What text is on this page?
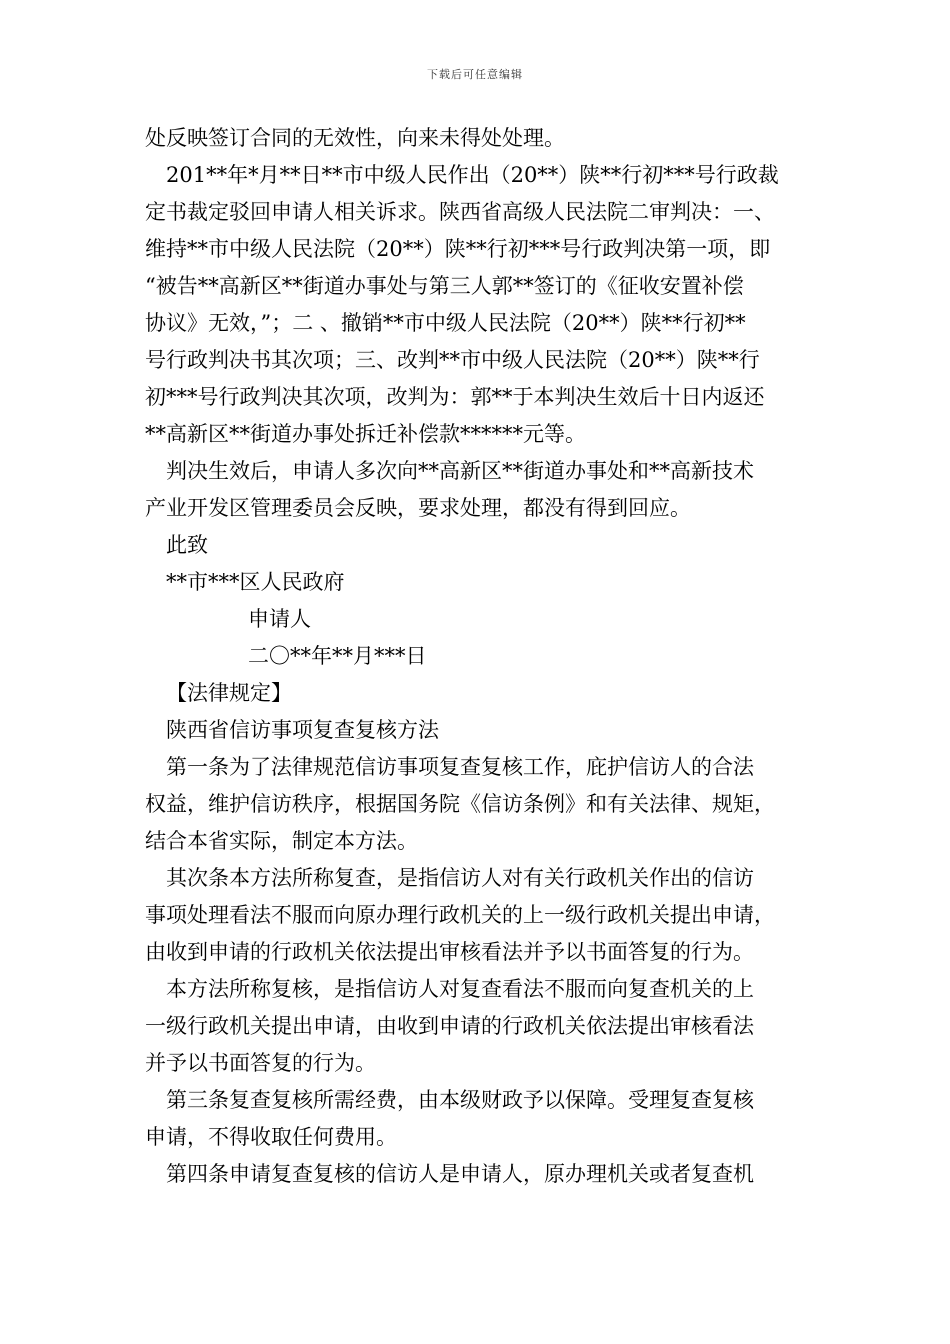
下载后可任意编辑
处反映签订合同的无效性，向来未得处处理。
201**年*月**日**市中级人民作出（20**）陕**行初***号行政裁
定书裁定驳回申请人相关诉求。陕西省高级人民法院二审判决：一、
维持**市中级人民法院（20**）陕**行初***号行政判决第一项，即
“被告**高新区**街道办事处与第三人郭**签订的《征收安置补偿
协议》无效，”；二 、撤销**市中级人民法院（20**）陕**行初**
号行政判决书其次项；三、改判**市中级人民法院（20**）陕**行
初***号行政判决其次项，改判为：郭**于本判决生效后十日内返还
**高新区**街道办事处拆迁补偿款******元等。
判决生效后，申请人多次向**高新区**街道办事处和**高新技术
产业开发区管理委员会反映，要求处理，都没有得到回应。
此致
**市***区人民政府
申请人
二〇**年**月***日
【法律规定】
陕西省信访事项复查复核方法
第一条为了法律规范信访事项复查复核工作，庇护信访人的合法
权益，维护信访秩序，根据国务院《信访条例》和有关法律、规矩，
结合本省实际，制定本方法。
其次条本方法所称复查，是指信访人对有关行政机关作出的信访
事项处理看法不服而向原办理行政机关的上一级行政机关提出申请，
由收到申请的行政机关依法提出审核看法并予以书面答复的行为。
本方法所称复核，是指信访人对复查看法不服而向复查机关的上
一级行政机关提出申请，由收到申请的行政机关依法提出审核看法
并予以书面答复的行为。
第三条复查复核所需经费，由本级财政予以保障。受理复查复核
申请，不得收取任何费用。
第四条申请复查复核的信访人是申请人，原办理机关或者复查机
